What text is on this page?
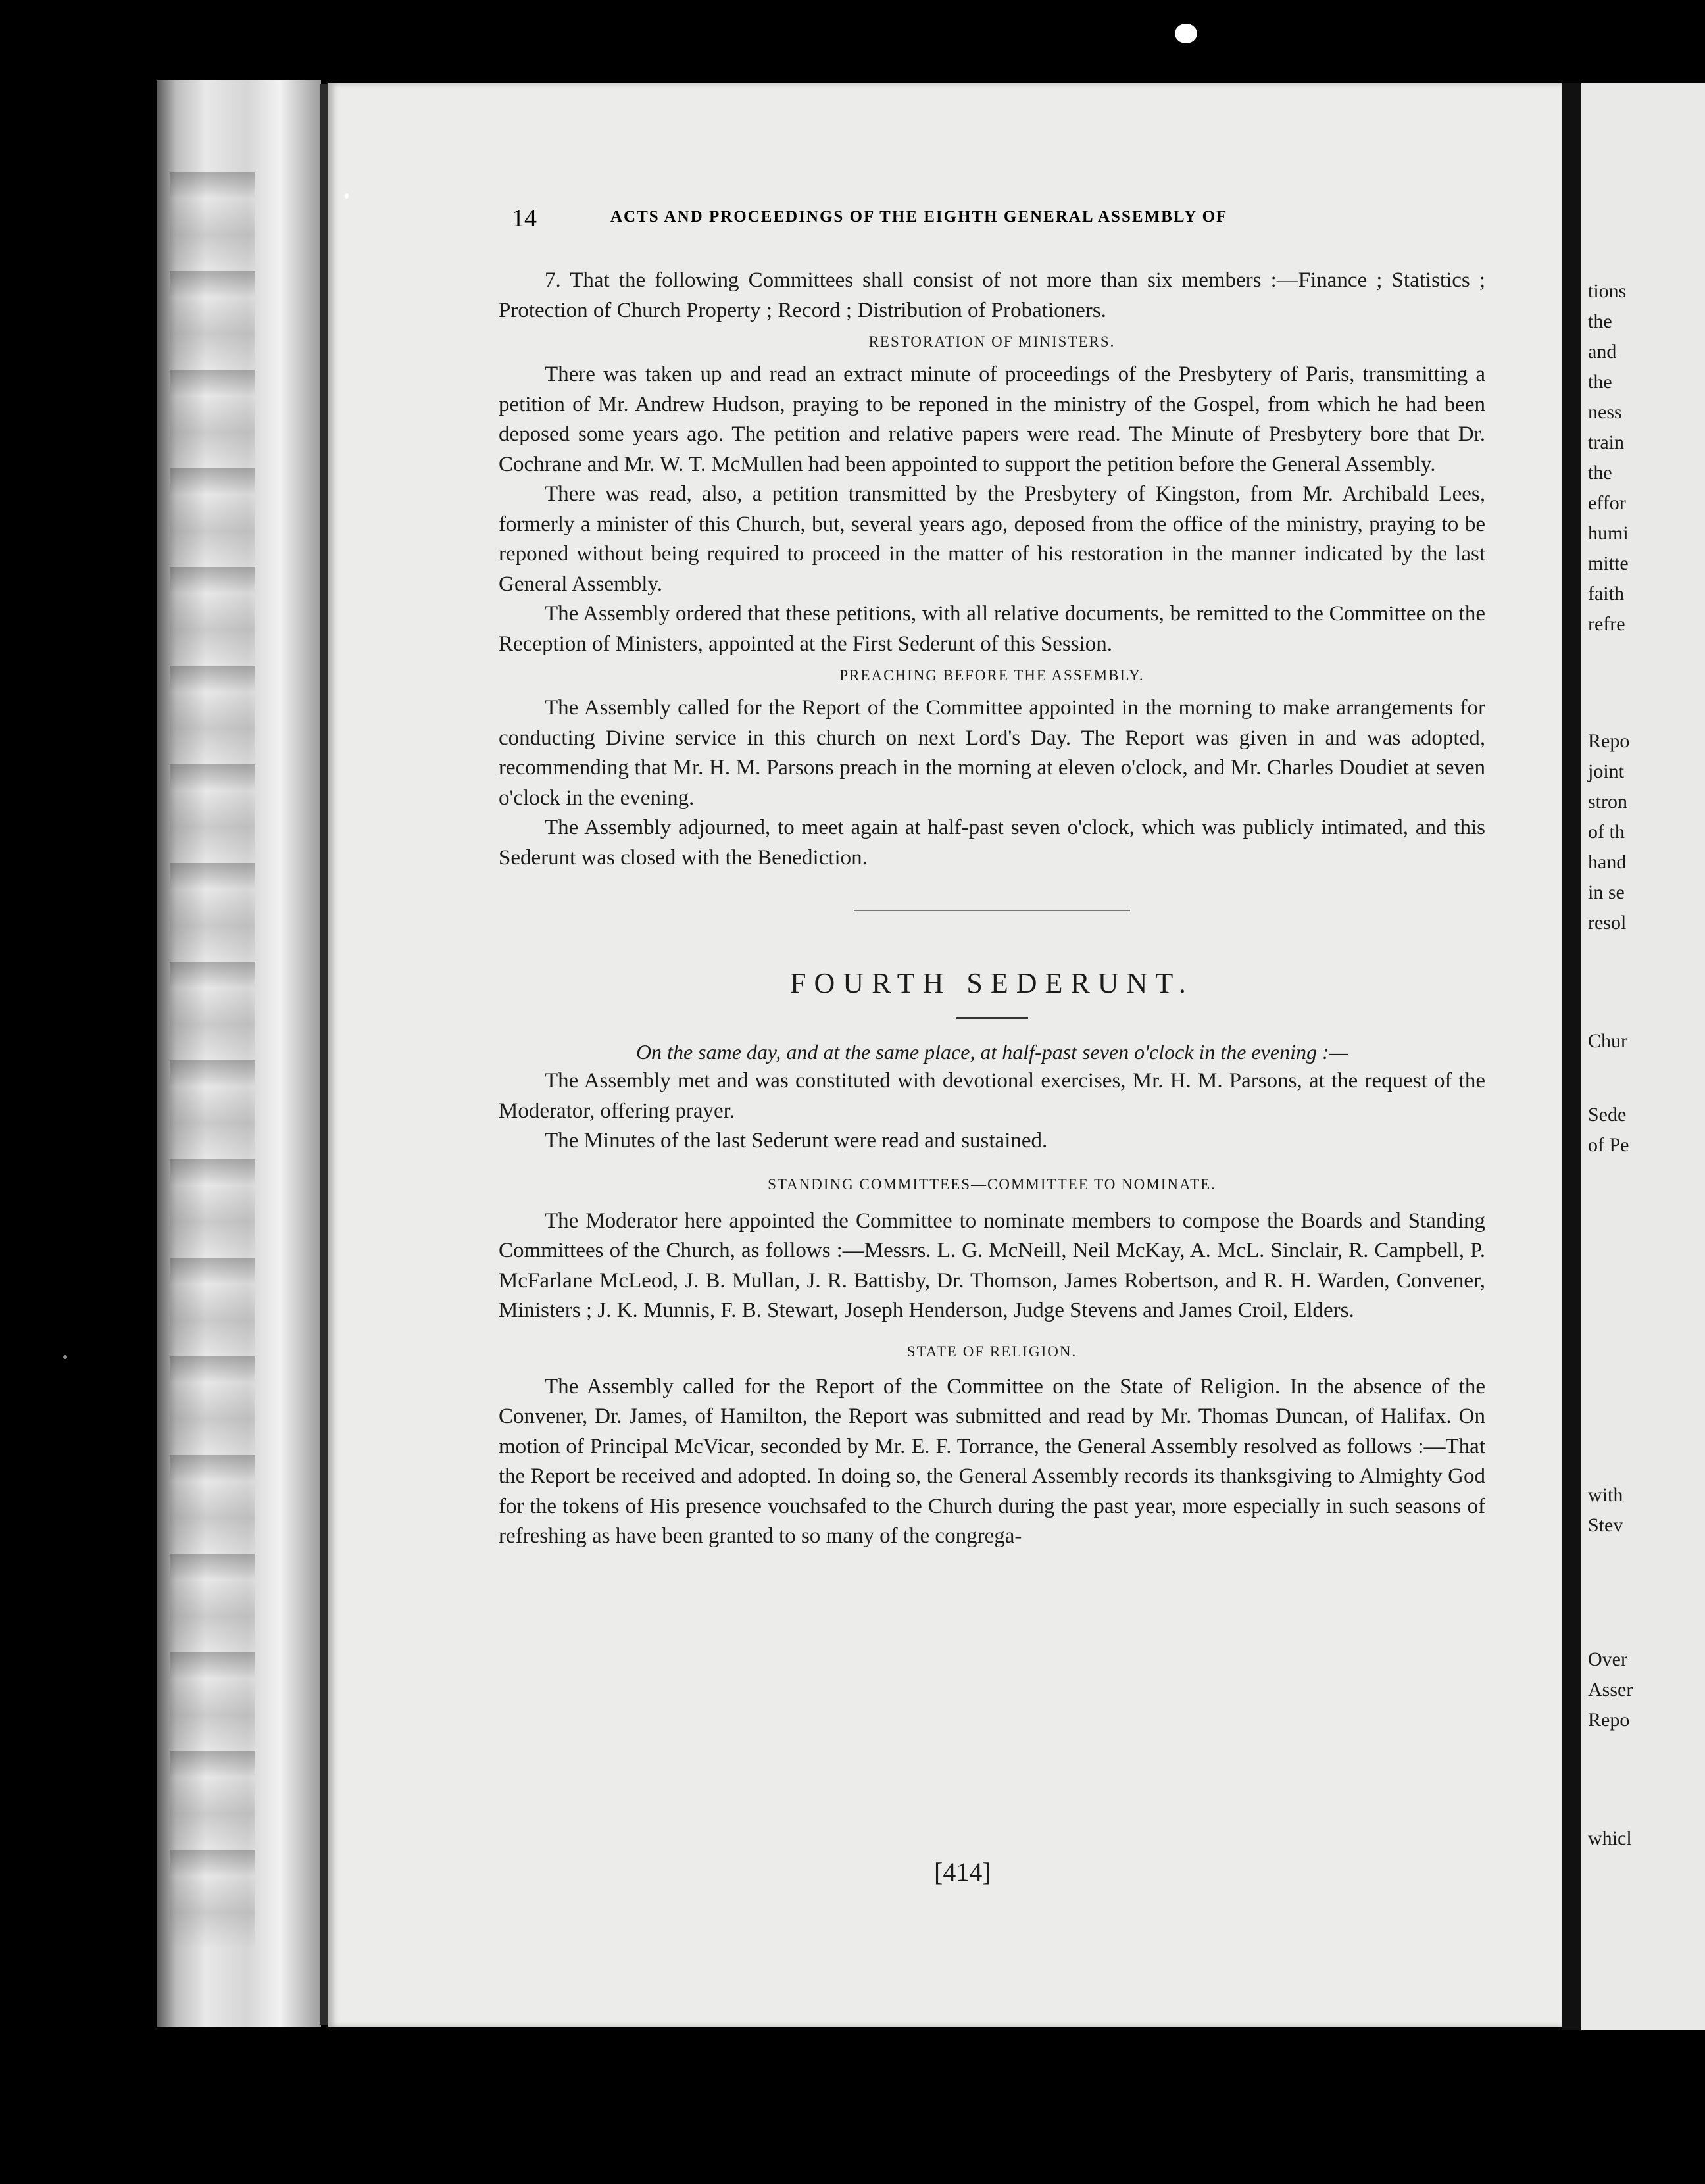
tions
the
and
the
ness
train
the
effor
humi
mitte
faith
refre
Repo
joint
stron
of th
hand
in se
resol
Chur
Sede
of Pe
with
Stev
Over
Asser
Repo
whicl
14	ACTS AND PROCEEDINGS OF THE EIGHTH GENERAL ASSEMBLY OF

7. That the following Committees shall consist of not more than six members :—Finance ; Statistics ; Protection of Church Property ; Record ; Distribution of Probationers.

RESTORATION OF MINISTERS.

There was taken up and read an extract minute of proceedings of the Presbytery of Paris, transmitting a petition of Mr. Andrew Hudson, praying to be reponed in the ministry of the Gospel, from which he had been deposed some years ago. The petition and relative papers were read. The Minute of Presbytery bore that Dr. Cochrane and Mr. W. T. McMullen had been appointed to support the petition before the General Assembly.

There was read, also, a petition transmitted by the Presbytery of Kingston, from Mr. Archibald Lees, formerly a minister of this Church, but, several years ago, deposed from the office of the ministry, praying to be reponed without being required to proceed in the matter of his restoration in the manner indicated by the last General Assembly.

The Assembly ordered that these petitions, with all relative documents, be remitted to the Committee on the Reception of Ministers, appointed at the First Sederunt of this Session.

PREACHING BEFORE THE ASSEMBLY.

The Assembly called for the Report of the Committee appointed in the morning to make arrangements for conducting Divine service in this church on next Lord's Day. The Report was given in and was adopted, recommending that Mr. H. M. Parsons preach in the morning at eleven o'clock, and Mr. Charles Doudiet at seven o'clock in the evening.

The Assembly adjourned, to meet again at half-past seven o'clock, which was publicly intimated, and this Sederunt was closed with the Benediction.

FOURTH SEDERUNT.
On the same day, and at the same place, at half-past seven o'clock in the evening :—

The Assembly met and was constituted with devotional exercises, Mr. H. M. Parsons, at the request of the Moderator, offering prayer.

The Minutes of the last Sederunt were read and sustained.

STANDING COMMITTEES—COMMITTEE TO NOMINATE.

The Moderator here appointed the Committee to nominate members to compose the Boards and Standing Committees of the Church, as follows :—Messrs. L. G. McNeill, Neil McKay, A. McL. Sinclair, R. Campbell, P. McFarlane McLeod, J. B. Mullan, J. R. Battisby, Dr. Thomson, James Robertson, and R. H. Warden, Convener, Ministers ; J. K. Munnis, F. B. Stewart, Joseph Henderson, Judge Stevens and James Croil, Elders.

STATE OF RELIGION.

The Assembly called for the Report of the Committee on the State of Religion. In the absence of the Convener, Dr. James, of Hamilton, the Report was submitted and read by Mr. Thomas Duncan, of Halifax. On motion of Principal McVicar, seconded by Mr. E. F. Torrance, the General Assembly resolved as follows :—That the Report be received and adopted. In doing so, the General Assembly records its thanksgiving to Almighty God for the tokens of His presence vouchsafed to the Church during the past year, more especially in such seasons of refreshing as have been granted to so many of the congrega-

[414]
